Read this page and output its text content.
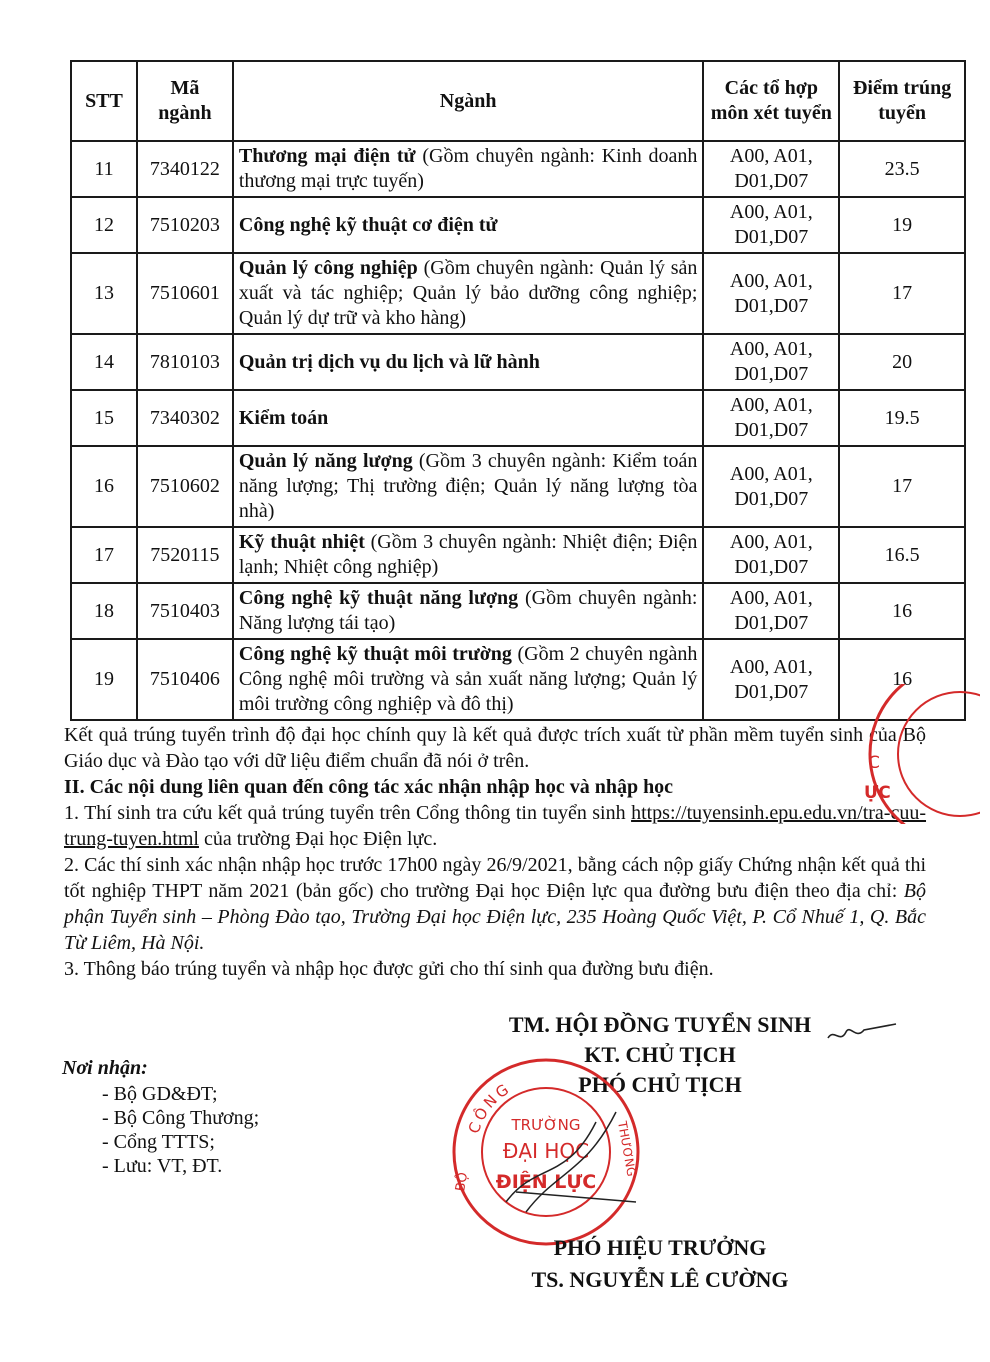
STT	Mã ngành	Ngành	Các tổ hợp môn xét tuyển	Điểm trúng tuyển
11	7340122	Thương mại điện tử (Gồm chuyên ngành: Kinh doanh thương mại trực tuyến)	A00, A01, D01,D07	23.5
12	7510203	Công nghệ kỹ thuật cơ điện tử	A00, A01, D01,D07	19
13	7510601	Quản lý công nghiệp (Gồm chuyên ngành: Quản lý sản xuất và tác nghiệp; Quản lý bảo dưỡng công nghiệp; Quản lý dự trữ và kho hàng)	A00, A01, D01,D07	17
14	7810103	Quản trị dịch vụ du lịch và lữ hành	A00, A01, D01,D07	20
15	7340302	Kiểm toán	A00, A01, D01,D07	19.5
16	7510602	Quản lý năng lượng (Gồm 3 chuyên ngành: Kiểm toán năng lượng; Thị trường điện; Quản lý năng lượng tòa nhà)	A00, A01, D01,D07	17
17	7520115	Kỹ thuật nhiệt (Gồm 3 chuyên ngành: Nhiệt điện; Điện lạnh; Nhiệt công nghiệp)	A00, A01, D01,D07	16.5
18	7510403	Công nghệ kỹ thuật năng lượng (Gồm chuyên ngành: Năng lượng tái tạo)	A00, A01, D01,D07	16
19	7510406	Công nghệ kỹ thuật môi trường (Gồm 2 chuyên ngành Công nghệ môi trường và sản xuất năng lượng; Quản lý môi trường công nghiệp và đô thị)	A00, A01, D01,D07	16

Kết quả trúng tuyển trình độ đại học chính quy là kết quả được trích xuất từ phần mềm tuyển sinh của Bộ Giáo dục và Đào tạo với dữ liệu điểm chuẩn đã nói ở trên.

II. Các nội dung liên quan đến công tác xác nhận nhập học và nhập học

1. Thí sinh tra cứu kết quả trúng tuyển trên Cổng thông tin tuyển sinh https://tuyensinh.epu.edu.vn/tra-cuu-trung-tuyen.html của trường Đại học Điện lực.

2. Các thí sinh xác nhận nhập học trước 17h00 ngày 26/9/2021, bằng cách nộp giấy Chứng nhận kết quả thi tốt nghiệp THPT năm 2021 (bản gốc) cho trường Đại học Điện lực qua đường bưu điện theo địa chỉ: Bộ phận Tuyển sinh – Phòng Đào tạo, Trường Đại học Điện lực, 235 Hoàng Quốc Việt, P. Cổ Nhuế 1, Q. Bắc Từ Liêm, Hà Nội.

3. Thông báo trúng tuyển và nhập học được gửi cho thí sinh qua đường bưu điện.

TM. HỘI ĐỒNG TUYỂN SINH
KT. CHỦ TỊCH
PHÓ CHỦ TỊCH
CÔNG
THƯƠNG
BỘ
TRƯỜNG
ĐẠI HỌC
ĐIỆN LỰC
C
ỰC
PHÓ HIỆU TRƯỞNG
TS. NGUYỄN LÊ CƯỜNG
Nơi nhận:
- Bộ GD&ĐT;
- Bộ Công Thương;
- Cổng TTTS;
- Lưu: VT, ĐT.
